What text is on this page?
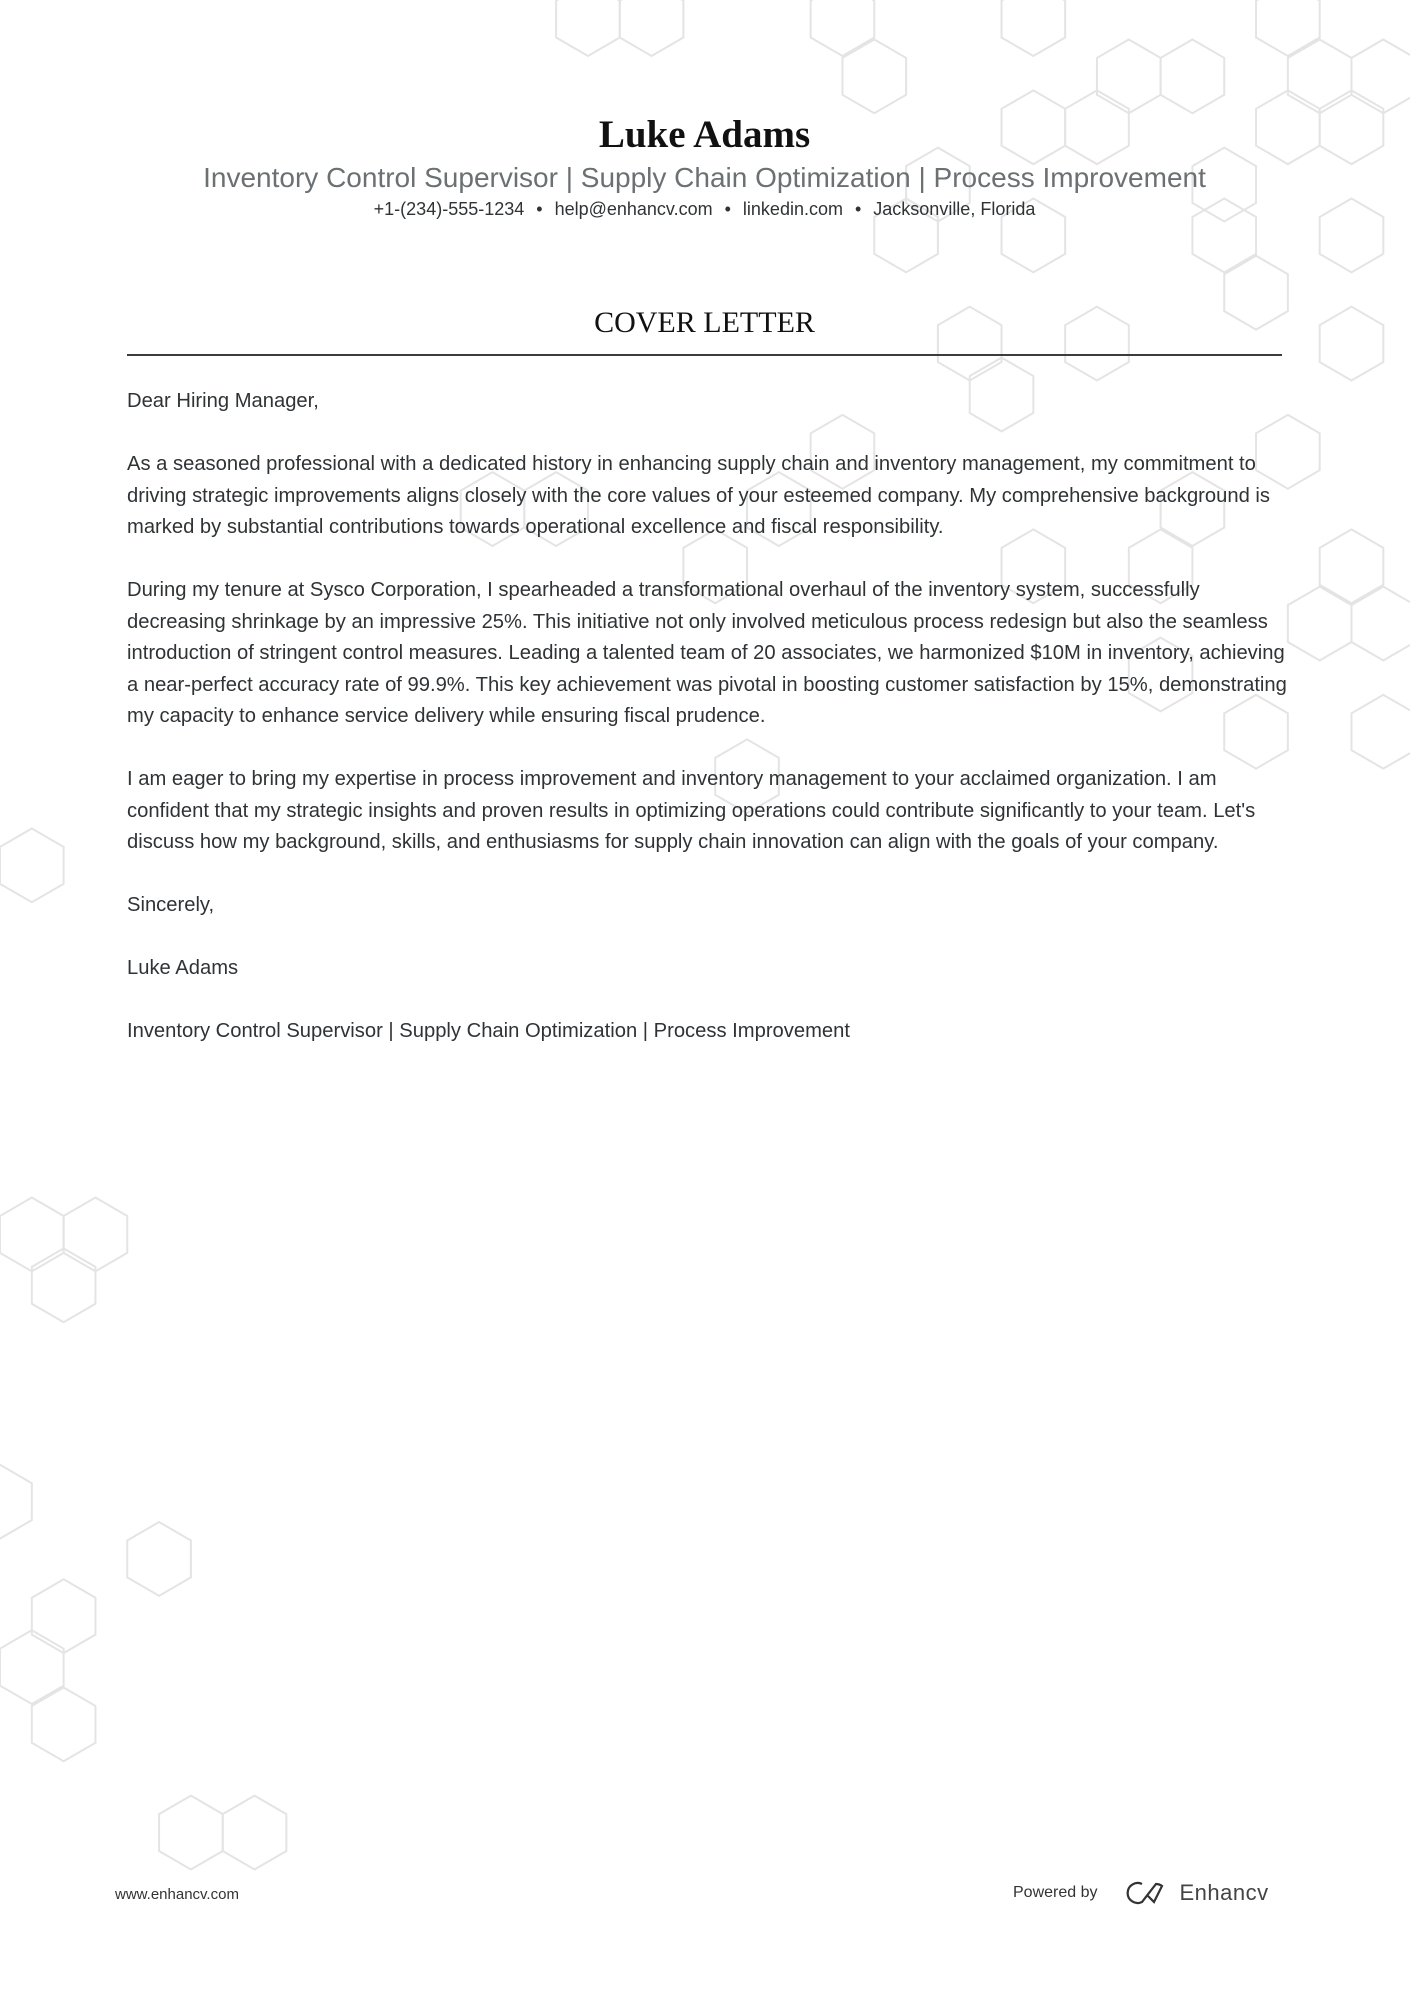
Luke Adams
Inventory Control Supervisor | Supply Chain Optimization | Process Improvement
+1-(234)-555-1234 • help@enhancv.com • linkedin.com • Jacksonville, Florida
COVER LETTER

Dear Hiring Manager,

As a seasoned professional with a dedicated history in enhancing supply chain and inventory management, my commitment to driving strategic improvements aligns closely with the core values of your esteemed company. My comprehensive background is marked by substantial contributions towards operational excellence and fiscal responsibility.

During my tenure at Sysco Corporation, I spearheaded a transformational overhaul of the inventory system, successfully decreasing shrinkage by an impressive 25%. This initiative not only involved meticulous process redesign but also the seamless introduction of stringent control measures. Leading a talented team of 20 associates, we harmonized $10M in inventory, achieving a near-perfect accuracy rate of 99.9%. This key achievement was pivotal in boosting customer satisfaction by 15%, demonstrating my capacity to enhance service delivery while ensuring fiscal prudence.

I am eager to bring my expertise in process improvement and inventory management to your acclaimed organization. I am confident that my strategic insights and proven results in optimizing operations could contribute significantly to your team. Let's discuss how my background, skills, and enthusiasms for supply chain innovation can align with the goals of your company.

Sincerely,

Luke Adams

Inventory Control Supervisor | Supply Chain Optimization | Process Improvement

www.enhancv.com	Powered by	Enhancv
